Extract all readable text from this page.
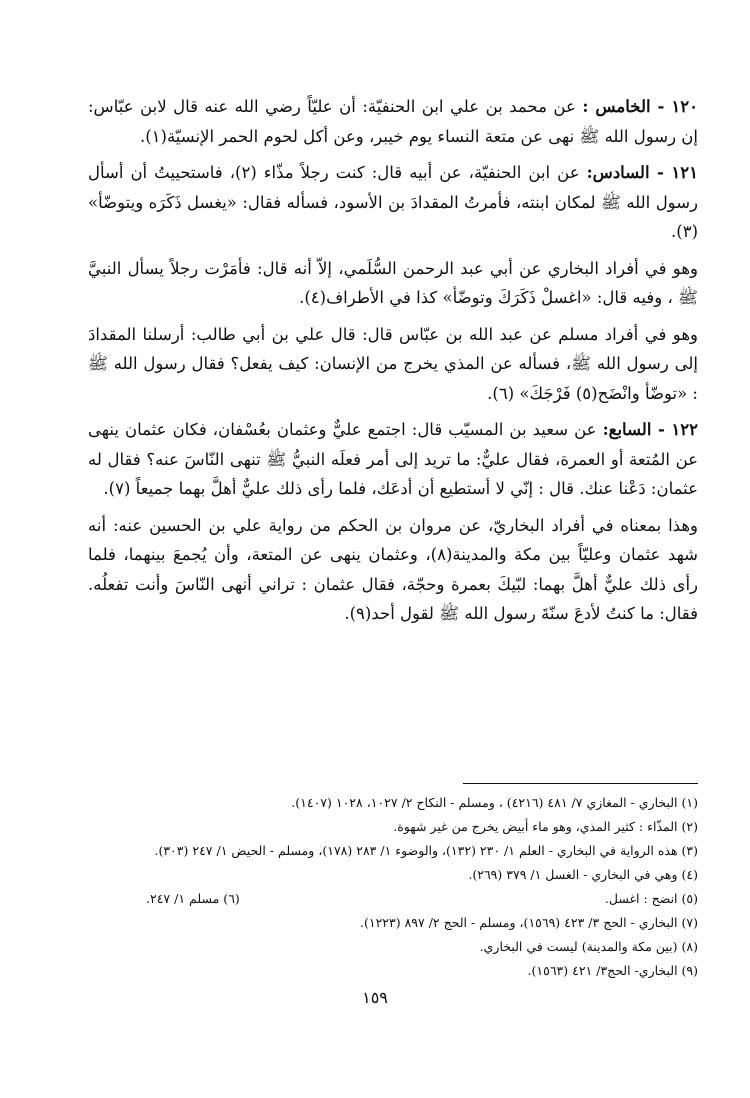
١٢٠ - الخامس : عن محمد بن علي ابن الحنفيّة: أن عليّاً رضي الله عنه قال لابن عبّاس: إن رسول الله ﷺ نهى عن متعة النساء يوم خيبر، وعن أكل لحوم الحمر الإنسيّة(١).

١٢١ - السادس: عن ابن الحنفيّة، عن أبيه قال: كنت رجلاً مذّاء (٢)، فاستحييتُ أن أسأل رسول الله ﷺ لمكان ابنته، فأمرتُ المقدادَ بن الأسود، فسأله فقال: «يغسل ذَكَرَه ويتوضّأ» (٣).

وهو في أفراد البخاري عن أبي عبد الرحمن السُّلَمي، إلاّ أنه قال: فأمَرْت رجلاً يسأل النبيَّ ﷺ ، وفيه قال: «اغسلْ ذَكَرَكَ وتوضّأ» كذا في الأطراف(٤).

وهو في أفراد مسلم عن عبد الله بن عبّاس قال: قال علي بن أبي طالب: أرسلنا المقدادَ إلى رسول الله ﷺ، فسأله عن المذي يخرج من الإنسان: كيف يفعل؟ فقال رسول الله ﷺ : «توضّأ وانْضَح(٥) فَرْجَكَ» (٦).

١٢٢ - السابع: عن سعيد بن المسيّب قال: اجتمع عليٌّ وعثمان بعُسْفان، فكان عثمان ينهى عن المُتعة أو العمرة، فقال عليٌّ: ما تريد إلى أمر فعلَه النبيُّ ﷺ تنهى النّاسَ عنه؟ فقال له عثمان: دَعْنا عنك. قال : إنّي لا أستطيع أن أدعَك، فلما رأى ذلك عليٌّ أهلَّ بهما جميعاً (٧).

وهذا بمعناه في أفراد البخاريّ، عن مروان بن الحكم من رواية علي بن الحسين عنه: أنه شهد عثمان وعليّاً بين مكة والمدينة(٨)، وعثمان ينهى عن المتعة، وأن يُجمعَ بينهما، فلما رأى ذلك عليٌّ أهلَّ بهما: لبّيكَ بعمرة وحجّة، فقال عثمان : تراني أنهى النّاسَ وأنت تفعلُه. فقال: ما كنتُ لأدعَ سنّةَ رسول الله ﷺ لقول أحد(٩).

(١) البخاري - المغازي ٧/ ٤٨١ (٤٢١٦) ، ومسلم - النكاح ٢/ ١٠٢٧، ١٠٢٨ (١٤٠٧).

(٢) المذّاء : كثير المذي، وهو ماء أبيض يخرج من غير شهوة.

(٣) هذه الرواية في البخاري - العلم ١/ ٢٣٠ (١٣٢)، والوضوء ١/ ٢٨٣ (١٧٨)، ومسلم - الحيض ١/ ٢٤٧ (٣٠٣).

(٤) وهي في البخاري - الغسل ١/ ٣٧٩ (٢٦٩).

(٥) انضح : اغسل.
(٦) مسلم ١/ ٢٤٧.

(٧) البخاري - الحج ٣/ ٤٢٣ (١٥٦٩)، ومسلم - الحج ٢/ ٨٩٧ (١٢٢٣).

(٨) (بين مكة والمدينة) ليست في البخاري.

(٩) البخاري- الحج٣/ ٤٢١ (١٥٦٣).

١٥٩
